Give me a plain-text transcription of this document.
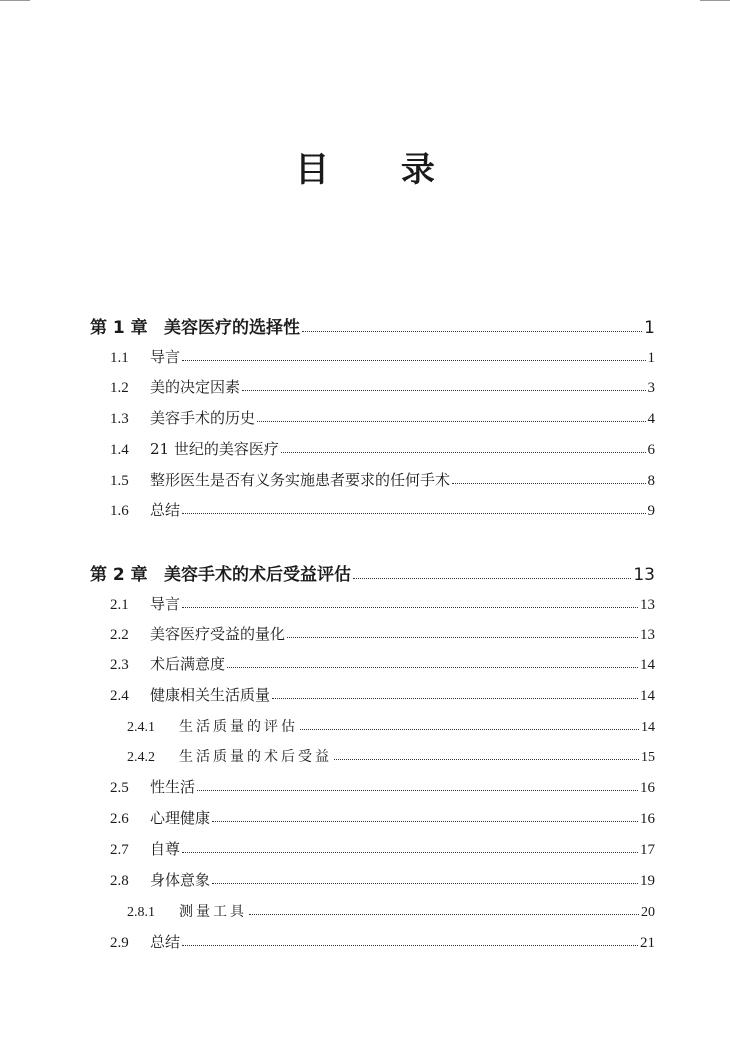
目 录
第 1 章 美容医疗的选择性	1
1.1	导言	1
1.2	美的决定因素	3
1.3	美容手术的历史	4
1.4	21 世纪的美容医疗	6
1.5	整形医生是否有义务实施患者要求的任何手术	8
1.6	总结	9
第 2 章 美容手术的术后受益评估	13
2.1	导言	13
2.2	美容医疗受益的量化	13
2.3	术后满意度	14
2.4	健康相关生活质量	14
2.4.1	生活质量的评估	14
2.4.2	生活质量的术后受益	15
2.5	性生活	16
2.6	心理健康	16
2.7	自尊	17
2.8	身体意象	19
2.8.1	测量工具	20
2.9	总结	21
